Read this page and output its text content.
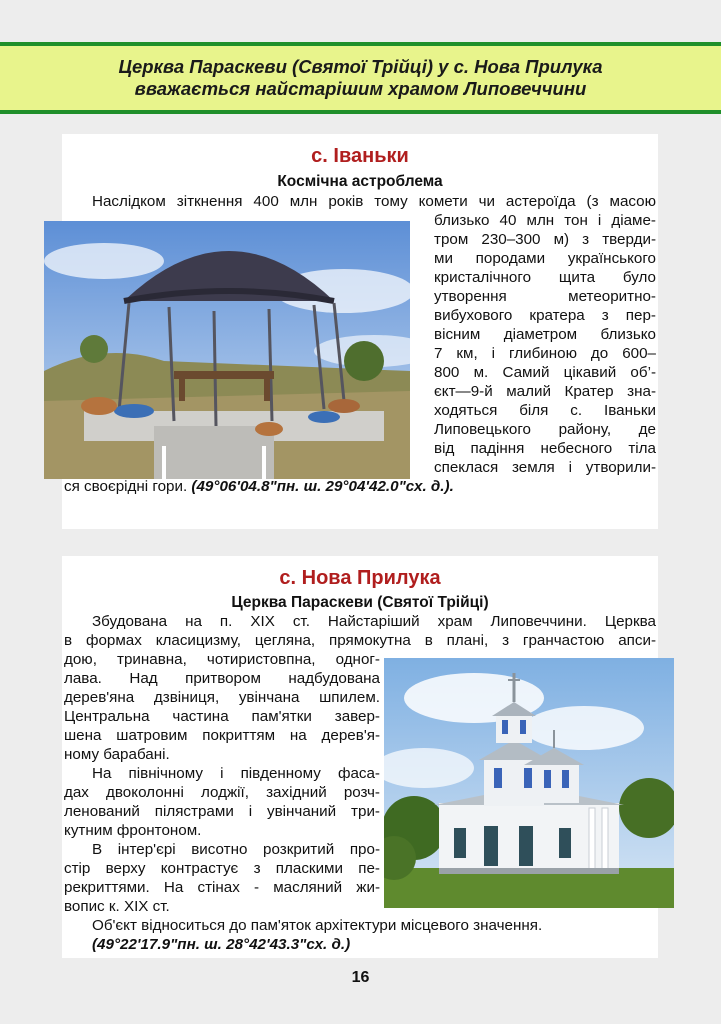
Церква Параскеви (Святої Трійці) у с. Нова Прилука
вважається найстарішим храмом Липовеччини
с. Іваньки
Космічна астроблема
Наслідком зіткнення 400 млн років тому комети чи астероїда (з масою
близько 40 млн тон і діаме-
тром 230–300 м) з тверди-
ми породами українського
кристалічного щита було
утворення метеоритно-
вибухового кратера з пер-
вісним діаметром близько
7 км, і глибиною до 600–
800 м. Самий цікавий об’-
єкт—9-й малий Кратер зна-
ходяться біля с. Іваньки
Липовецького району, де
від падіння небесного тіла
спеклася земля і утворили-
ся своєрідні гори. (49°06'04.8"пн. ш. 29°04'42.0"сх. д.).
с. Нова Прилука
Церква Параскеви (Святої Трійці)
Збудована на п. XIX ст. Найстаріший храм Липовеччини. Церква
в формах класицизму, цегляна, прямокутна в плані, з гранчастою апси-
дою, тринавна, чотиристовпна, одног-
лава. Над притвором надбудована
дерев'яна дзвіниця, увінчана шпилем.
Центральна частина пам'ятки завер-
шена шатровим покриттям на дерев'я-
ному барабані.
На північному і південному фаса-
дах двоколонні лоджії, західний розч-
ленований пілястрами і увінчаний три-
кутним фронтоном.
В інтер'єрі висотно розкритий про-
стір верху контрастує з пласкими пе-
рекриттями. На стінах - масляний жи-
вопис к. XIX ст.
Об'єкт відноситься до пам'яток архітектури місцевого значення.
(49°22'17.9"пн. ш. 28°42'43.3"сх. д.)
16
